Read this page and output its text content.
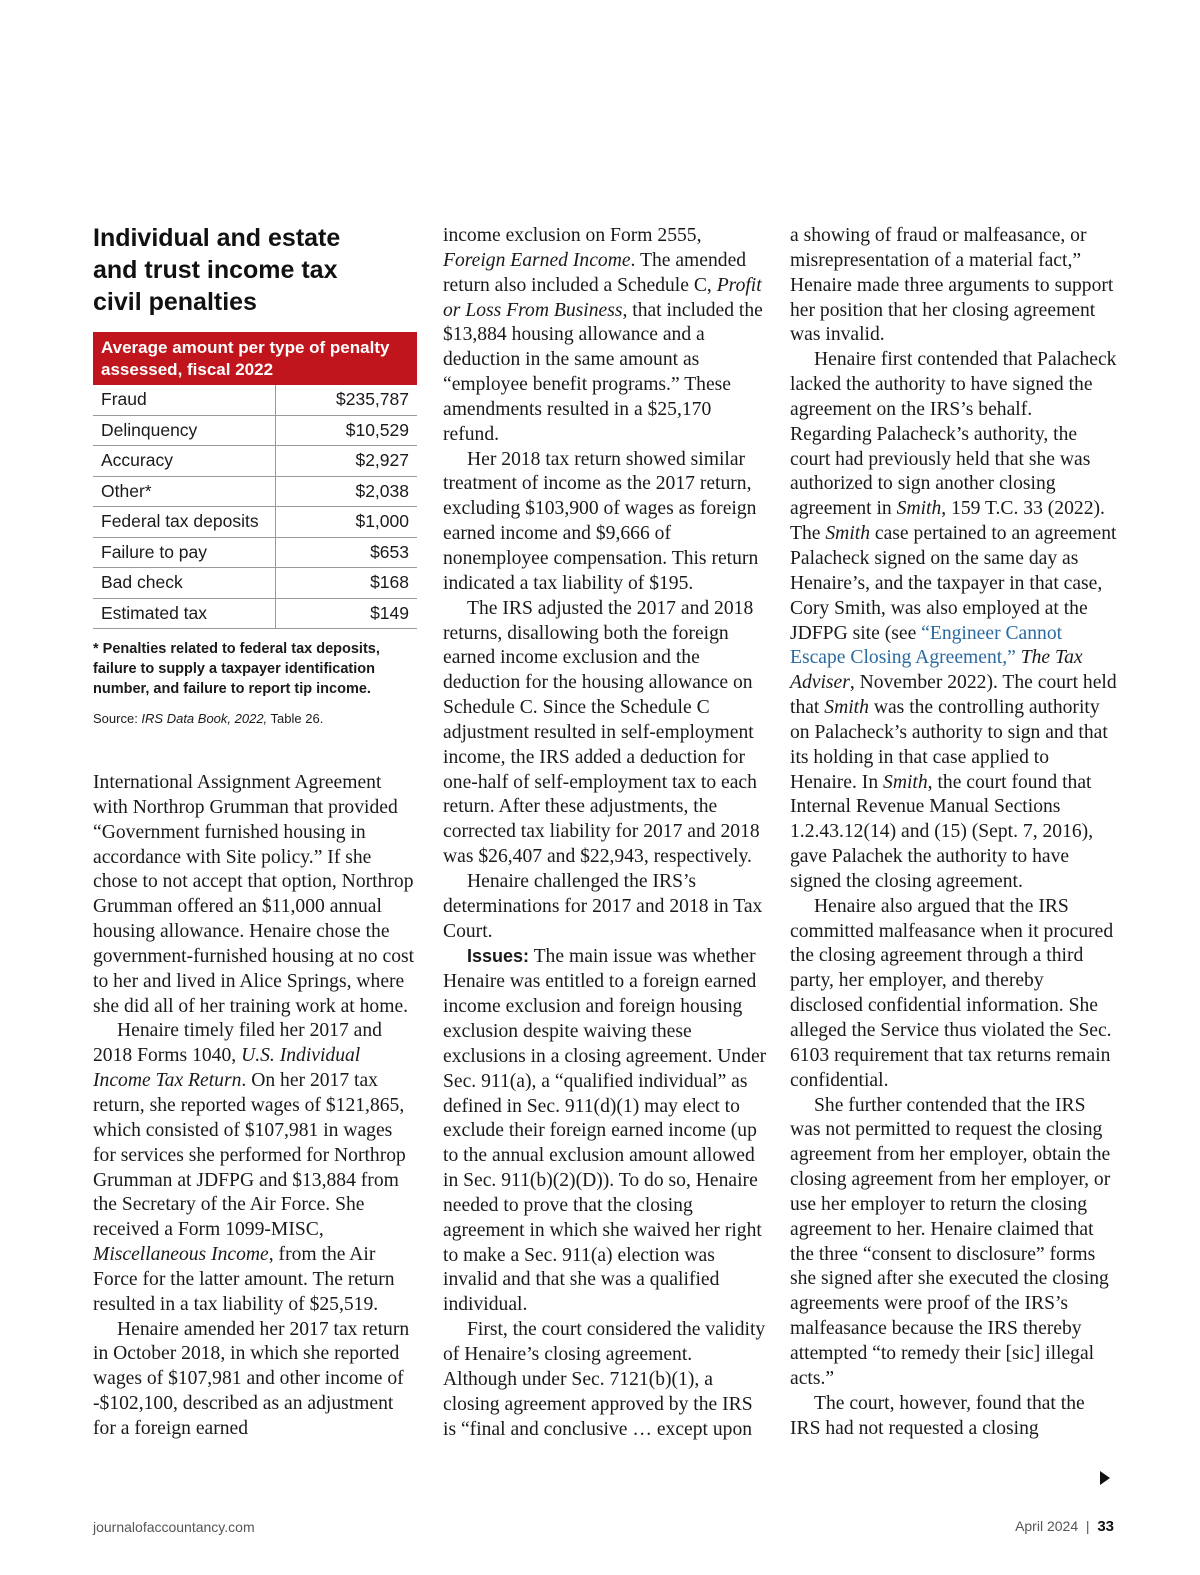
Individual and estate
and trust income tax
civil penalties
Average amount per type of penalty assessed, fiscal 2022
Fraud	$235,787
Delinquency	$10,529
Accuracy	$2,927
Other*	$2,038
Federal tax deposits	$1,000
Failure to pay	$653
Bad check	$168
Estimated tax	$149
* Penalties related to federal tax deposits, failure to supply a taxpayer identification number, and failure to report tip income.
Source: IRS Data Book, 2022, Table 26.

International Assignment Agreement with Northrop Grumman that provided “Government furnished housing in accordance with Site policy.” If she chose to not accept that option, Northrop Grumman offered an $11,000 annual housing allowance. Henaire chose the government-furnished housing at no cost to her and lived in Alice Springs, where she did all of her training work at home.

Henaire timely filed her 2017 and 2018 Forms 1040, U.S. Individual Income Tax Return. On her 2017 tax return, she reported wages of $121,865, which consisted of $107,981 in wages for services she performed for Northrop Grumman at JDFPG and $13,884 from the Secretary of the Air Force. She received a Form 1099-MISC, Miscellaneous Income, from the Air Force for the latter amount. The return resulted in a tax liability of $25,519.

Henaire amended her 2017 tax return in October 2018, in which she reported wages of $107,981 and other income of -$102,100, described as an adjustment for a foreign earned

income exclusion on Form 2555, Foreign Earned Income. The amended return also included a Schedule C, Profit or Loss From Business, that included the $13,884 housing allowance and a deduction in the same amount as “employee benefit programs.” These amendments resulted in a $25,170 refund.

Her 2018 tax return showed similar treatment of income as the 2017 return, excluding $103,900 of wages as foreign earned income and $9,666 of nonemployee compensation. This return indicated a tax liability of $195.

The IRS adjusted the 2017 and 2018 returns, disallowing both the foreign earned income exclusion and the deduction for the housing allowance on Schedule C. Since the Schedule C adjustment resulted in self-employment income, the IRS added a deduction for one-half of self-employment tax to each return. After these adjustments, the corrected tax liability for 2017 and 2018 was $26,407 and $22,943, respectively.

Henaire challenged the IRS’s determinations for 2017 and 2018 in Tax Court.

Issues: The main issue was whether Henaire was entitled to a foreign earned income exclusion and foreign housing exclusion despite waiving these exclusions in a closing agreement. Under Sec. 911(a), a “qualified individual” as defined in Sec. 911(d)(1) may elect to exclude their foreign earned income (up to the annual exclusion amount allowed in Sec. 911(b)(2)(D)). To do so, Henaire needed to prove that the closing agreement in which she waived her right to make a Sec. 911(a) election was invalid and that she was a qualified individual.

First, the court considered the validity of Henaire’s closing agreement. Although under Sec. 7121(b)(1), a closing agreement approved by the IRS is “final and conclusive … except upon

a showing of fraud or malfeasance, or misrepresentation of a material fact,” Henaire made three arguments to support her position that her closing agreement was invalid.

Henaire first contended that Palacheck lacked the authority to have signed the agreement on the IRS’s behalf. Regarding Palacheck’s authority, the court had previously held that she was authorized to sign another closing agreement in Smith, 159 T.C. 33 (2022). The Smith case pertained to an agreement Palacheck signed on the same day as Henaire’s, and the taxpayer in that case, Cory Smith, was also employed at the JDFPG site (see “Engineer Cannot Escape Closing Agreement,” The Tax Adviser, November 2022). The court held that Smith was the controlling authority on Palacheck’s authority to sign and that its holding in that case applied to Henaire. In Smith, the court found that Internal Revenue Manual Sections 1.2.43.12(14) and (15) (Sept. 7, 2016), gave Palachek the authority to have signed the closing agreement.

Henaire also argued that the IRS committed malfeasance when it procured the closing agreement through a third party, her employer, and thereby disclosed confidential information. She alleged the Service thus violated the Sec. 6103 requirement that tax returns remain confidential.

She further contended that the IRS was not permitted to request the closing agreement from her employer, obtain the closing agreement from her employer, or use her employer to return the closing agreement to her. Henaire claimed that the three “consent to disclosure” forms she signed after she executed the closing agreements were proof of the IRS’s malfeasance because the IRS thereby attempted “to remedy their [sic] illegal acts.”

The court, however, found that the IRS had not requested a closing

journalofaccountancy.com	April 2024 | 33
